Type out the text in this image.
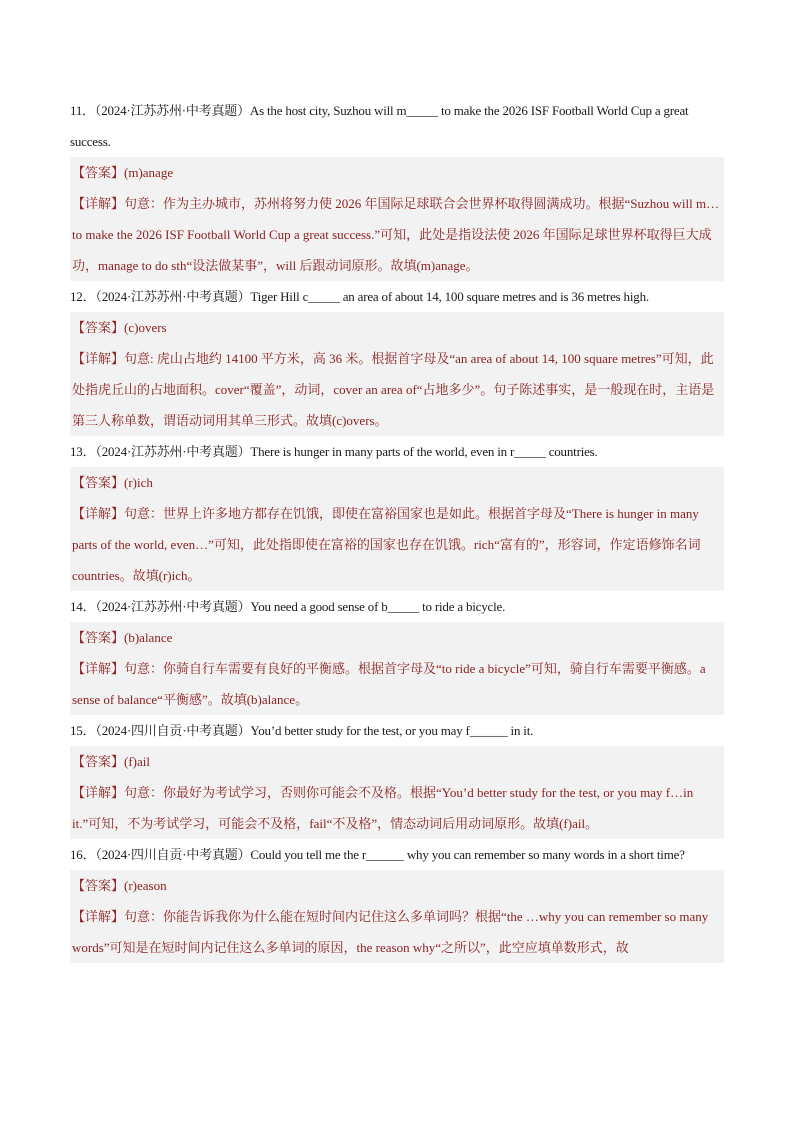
11．（2024·江苏苏州·中考真题）As the host city, Suzhou will m_____ to make the 2026 ISF Football World Cup a great success.

【答案】(m)anage

【详解】句意：作为主办城市，苏州将努力使 2026 年国际足球联合会世界杯取得圆满成功。根据“Suzhou will m… to make the 2026 ISF Football World Cup a great success.”可知，此处是指设法使 2026 年国际足球世界杯取得巨大成功，manage to do sth“设法做某事”，will 后跟动词原形。故填(m)anage。

12．（2024·江苏苏州·中考真题）Tiger Hill c_____ an area of about 14, 100 square metres and is 36 metres high.

【答案】(c)overs

【详解】句意: 虎山占地约 14100 平方米，高 36 米。根据首字母及“an area of about 14, 100 square metres”可知，此处指虎丘山的占地面积。cover“覆盖”，动词，cover an area of“占地多少”。句子陈述事实，是一般现在时，主语是第三人称单数，谓语动词用其单三形式。故填(c)overs。

13．（2024·江苏苏州·中考真题）There is hunger in many parts of the world, even in r_____ countries.

【答案】(r)ich

【详解】句意：世界上许多地方都存在饥饿，即使在富裕国家也是如此。根据首字母及“There is hunger in many parts of the world, even…”可知，此处指即使在富裕的国家也存在饥饿。rich“富有的”，形容词，作定语修饰名词 countries。故填(r)ich。

14．（2024·江苏苏州·中考真题）You need a good sense of b_____ to ride a bicycle.

【答案】(b)alance

【详解】句意：你骑自行车需要有良好的平衡感。根据首字母及“to ride a bicycle”可知，骑自行车需要平衡感。a sense of balance“平衡感”。故填(b)alance。

15．（2024·四川自贡·中考真题）You’d better study for the test, or you may f______ in it.

【答案】(f)ail

【详解】句意：你最好为考试学习，否则你可能会不及格。根据“You’d better study for the test, or you may f…in it.”可知，不为考试学习，可能会不及格，fail“不及格”，情态动词后用动词原形。故填(f)ail。

16．（2024·四川自贡·中考真题）Could you tell me the r______ why you can remember so many words in a short time?

【答案】(r)eason

【详解】句意：你能告诉我你为什么能在短时间内记住这么多单词吗？根据“the …why you can remember so many words”可知是在短时间内记住这么多单词的原因，the reason why“之所以”，此空应填单数形式，故
